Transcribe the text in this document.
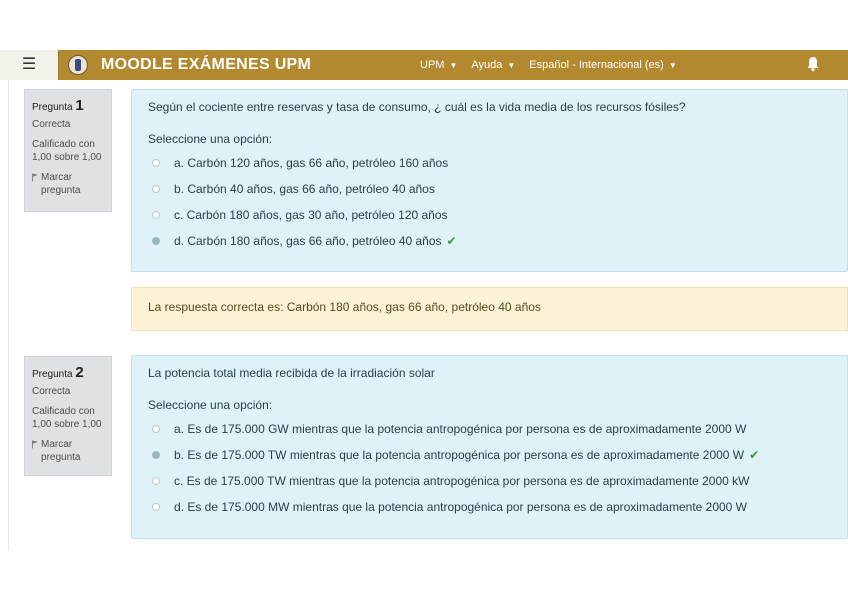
☰	MOODLE EXÁMENES UPM	UPM ▼ Ayuda ▼ Español - Internacional (es) ▼
Pregunta 1
Correcta
Calificado con 1,00 sobre 1,00
Marcar pregunta
Según el cociente entre reservas y tasa de consumo, ¿ cuál es la vida media de los recursos fósiles?
Seleccione una opción:
a. Carbón 120 años, gas 66 año, petróleo 160 años
b. Carbón 40 años, gas 66 año, petróleo 40 años
c. Carbón 180 años, gas 30 año, petróleo 120 años
d. Carbón 180 años, gas 66 año, petróleo 40 años ✔
La respuesta correcta es: Carbón 180 años, gas 66 año, petróleo 40 años
Pregunta 2
Correcta
Calificado con 1,00 sobre 1,00
Marcar pregunta
La potencia total media recibida de la irradiación solar
Seleccione una opción:
a. Es de 175.000 GW mientras que la potencia antropogénica por persona es de aproximadamente 2000 W
b. Es de 175.000 TW mientras que la potencia antropogénica por persona es de aproximadamente 2000 W ✔
c. Es de 175.000 TW mientras que la potencia antropogénica por persona es de aproximadamente 2000 kW
d. Es de 175.000 MW mientras que la potencia antropogénica por persona es de aproximadamente 2000 W
